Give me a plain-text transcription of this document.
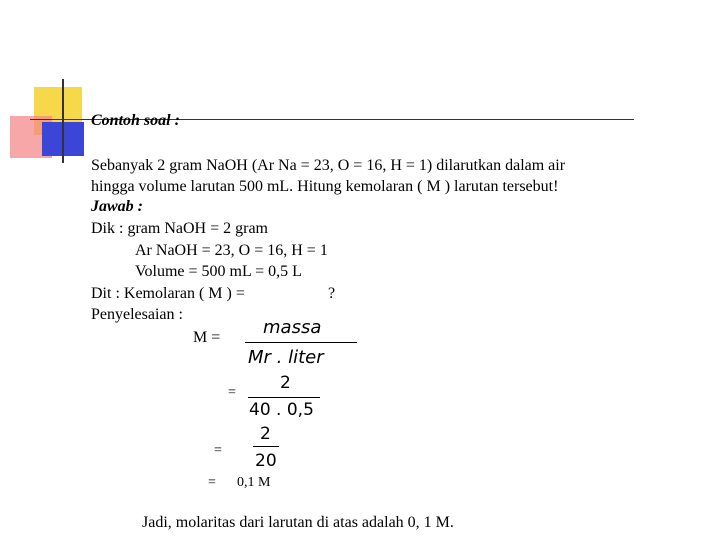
Contoh soal :
Sebanyak 2 gram NaOH (Ar Na = 23, O = 16, H = 1) dilarutkan dalam air
hingga volume larutan 500 mL. Hitung kemolaran ( M ) larutan tersebut!
Jawab :
Dik : gram NaOH = 2 gram
Ar NaOH = 23, O = 16, H = 1
Volume = 500 mL = 0,5 L
Dit : Kemolaran ( M ) =	?
Penyelesaian :
M = massa
Mr . liter
=	2
40 . 0,5
=
2
20
= 0,1 M
Jadi, molaritas dari larutan di atas adalah 0, 1 M.
